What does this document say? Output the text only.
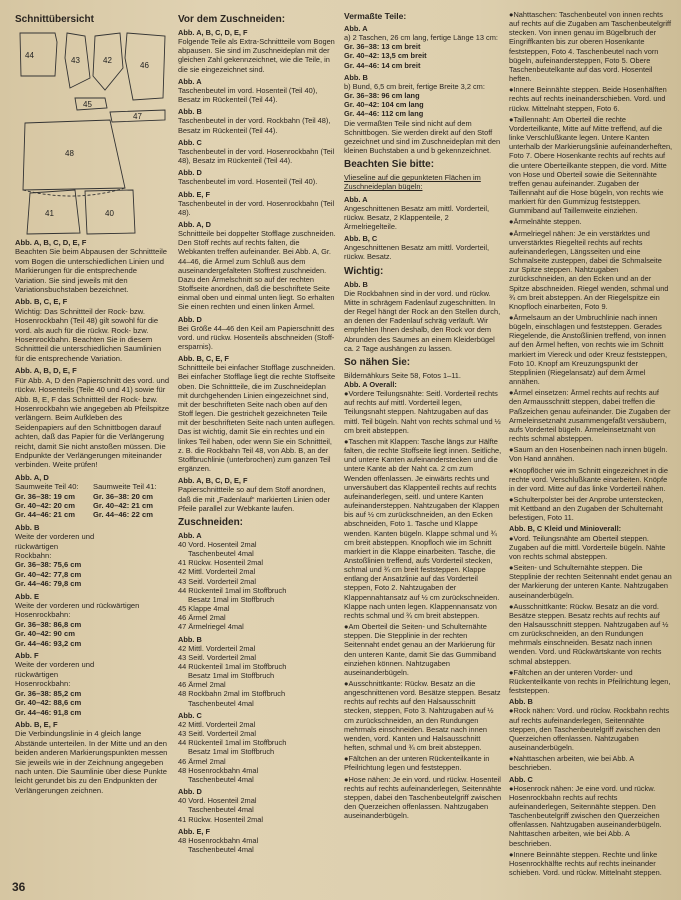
Schnittübersicht
44
43	42
45
46
47
48
41	40
Abb. A, B, C, D, E, F

Beachten Sie beim Abpausen der Schnittteile vom Bogen die unterschiedlichen Linien und Markierungen für die entsprechende Variation. Sie sind jeweils mit den Variationsbuchstaben bezeichnet.

Abb. B, C, E, F

Wichtig: Das Schnittteil der Rock- bzw. Hosenrockbahn (Teil 48) gilt sowohl für die vord. als auch für die rückw. Rock- bzw. Hosenrockbahn. Beachten Sie in diesem Schnittteil die unterschiedlichen Saumlinien für die entsprechende Variation.

Abb. A, B, D, E, F

Für Abb. A, D den Papierschnitt des vord. und rückw. Hosenteils (Teile 40 und 41) sowie für Abb. B, E, F das Schnittteil der Rock- bzw. Hosenrockbahn wie angegeben ab Pfeilspitze verlängern. Beim Aufkleben des Seidenpapiers auf den Schnittbogen darauf achten, daß das Papier für die Verlängerung reicht, damit Sie nicht anstoßen müssen. Die Endpunkte der Verlängerungen miteinander verbinden. Weite prüfen!

Abb. A, D
Saumweite Teil 40:	Saumweite Teil 41:
Gr. 36–38: 19 cm	Gr. 36–38: 20 cm
Gr. 40–42: 20 cm	Gr. 40–42: 21 cm
Gr. 44–46: 21 cm	Gr. 44–46: 22 cm
Abb. B
Weite der vorderen und rückwärtigen Rockbahn:
Gr. 36–38: 75,6 cm
Gr. 40–42: 77,8 cm
Gr. 44–46: 79,8 cm
Abb. E
Weite der vorderen und rückwärtigen Hosenrockbahn:
Gr. 36–38: 86,8 cm
Gr. 40–42: 90 cm
Gr. 44–46: 93,2 cm
Abb. F
Weite der vorderen und rückwärtigen Hosenrockbahn:
Gr. 36–38: 85,2 cm
Gr. 40–42: 88,6 cm
Gr. 44–46: 91,8 cm
Abb. B, E, F

Die Verbindungslinie in 4 gleich lange Abstände unterteilen. In der Mitte und an den beiden anderen Markierungspunkten messen Sie jeweils wie in der Zeichnung angegeben nach unten. Die Saumlinie über diese Punkte leicht gerundet bis zu den Endpunkten der Verlängerungen zeichnen.

Vor dem Zuschneiden:
Abb. A, B, C, D, E, F

Folgende Teile als Extra-Schnittteile vom Bogen abpausen. Sie sind im Zuschneideplan mit der gleichen Zahl gekennzeichnet, wie die Teile, in die sie eingezeichnet sind.

Abb. A

Taschenbeutel im vord. Hosenteil (Teil 40), Besatz im Rückenteil (Teil 44).

Abb. B

Taschenbeutel in der vord. Rockbahn (Teil 48), Besatz im Rückenteil (Teil 44).

Abb. C

Taschenbeutel in der vord. Hosenrockbahn (Teil 48), Besatz im Rückenteil (Teil 44).

Abb. D

Taschenbeutel im vord. Hosenteil (Teil 40).

Abb. E, F

Taschenbeutel in der vord. Hosenrockbahn (Teil 48).

Abb. A, D

Schnittteile bei doppelter Stofflage zuschneiden. Den Stoff rechts auf rechts falten, die Webkanten treffen aufeinander. Bei Abb. A, Gr. 44–46, die Ärmel zum Schluß aus dem auseinandergefalteten Stoffrest zuschneiden. Dazu den Ärmelschnitt so auf der rechten Stoffseite anordnen, daß die beschriftete Seite einmal oben und einmal unten liegt. So erhalten Sie einen rechten und einen linken Ärmel.

Abb. D

Bei Größe 44–46 den Keil am Papierschnitt des vord. und rückw. Hosenteils abschneiden (Stoff-ersparnis).

Abb. B, C, E, F

Schnittteile bei einfacher Stofflage zuschneiden. Bei einfacher Stofflage liegt die rechte Stoffseite oben. Die Schnittteile, die im Zuschneideplan mit durchgehenden Linien eingezeichnet sind, mit der beschrifteten Seite nach oben auf den Stoff legen. Die gestrichelt gezeichneten Teile mit der beschrifteten Seite nach unten auflegen. Das ist wichtig, damit Sie ein rechtes und ein linkes Teil haben, oder wenn Sie ein Schnittteil, z. B. die Rockbahn Teil 48, von Abb. B, an der Stoffbruchlinie (unterbrochen) zum ganzen Teil ergänzen.

Abb. A, B, C, D, E, F

Papierschnittteile so auf dem Stoff anordnen, daß die mit „Fadenlauf“ markierten Linien oder Pfeile parallel zur Webkante laufen.

Zuschneiden:
Abb. A
40 Vord. Hosenteil 2mal
Taschenbeutel 4mal
41 Rückw. Hosenteil 2mal
42 Mittl. Vorderteil 2mal
43 Seitl. Vorderteil 2mal
44 Rückenteil 1mal im Stoffbruch
Besatz 1mal im Stoffbruch
45 Klappe 4mal
46 Ärmel 2mal
47 Ärmelriegel 4mal
Abb. B
42 Mittl. Vorderteil 2mal
43 Seitl. Vorderteil 2mal
44 Rückenteil 1mal im Stoffbruch
Besatz 1mal im Stoffbruch
46 Ärmel 2mal
48 Rockbahn 2mal im Stoffbruch
Taschenbeutel 4mal
Abb. C
42 Mittl. Vorderteil 2mal
43 Seitl. Vorderteil 2mal
44 Rückenteil 1mal im Stoffbruch
Besatz 1mal im Stoffbruch
46 Ärmel 2mal
48 Hosenrockbahn 4mal
Taschenbeutel 4mal
Abb. D
40 Vord. Hosenteil 2mal
Taschenbeutel 4mal
41 Rückw. Hosenteil 2mal
Abb. E, F
48 Hosenrockbahn 4mal
Taschenbeutel 4mal
Vermaßte Teile:
Abb. A
a) 2 Taschen, 26 cm lang, fertige Länge 13 cm:
Gr. 36–38: 13 cm breit
Gr. 40–42: 13,5 cm breit
Gr. 44–46: 14 cm breit
Abb. B
b) Bund, 6,5 cm breit, fertige Breite 3,2 cm:
Gr. 36–38: 96 cm lang
Gr. 40–42: 104 cm lang
Gr. 44–46: 112 cm lang

Die vermaßten Teile sind nicht auf dem Schnittbogen. Sie werden direkt auf den Stoff gezeichnet und sind im Zuschneideplan mit den kleinen Buchstaben a und b gekennzeichnet.

Beachten Sie bitte:

Vlieseline auf die gepunkteten Flächen im Zuschneideplan bügeln:

Abb. A

Angeschnittenen Besatz am mittl. Vorderteil, rückw. Besatz, 2 Klappenteile, 2 Ärmelriegelteile.

Abb. B, C

Angeschnittenen Besatz am mittl. Vorderteil, rückw. Besatz.

Wichtig:
Abb. B

Die Rockbahnen sind in der vord. und rückw. Mitte in schrägem Fadenlauf zugeschnitten. In der Regel hängt der Rock an den Stellen durch, an denen der Fadenlauf schräg verläuft. Wir empfehlen Ihnen deshalb, den Rock vor dem Abrunden des Saumes an einem Kleiderbügel ca. 2 Tage aushängen zu lassen.

So nähen Sie:
Bildernähkurs Seite 58, Fotos 1–11.
Abb. A Overall:

● Vordere Teilungsnähte: Seitl. Vorderteil rechts auf rechts auf mittl. Vorderteil legen, Teilungsnaht steppen. Nahtzugaben auf das mittl. Teil bügeln. Naht von rechts schmal und ½ cm breit absteppen.

● Taschen mit Klappen: Tasche längs zur Hälfte falten, die rechte Stoffseite liegt innen. Seitliche, und untere Kanten aufeinanderstecken und die untere Kante ab der Naht ca. 2 cm zum Wenden offenlassen. Je einwärts rechts und unversäubert das Klappenteil rechts auf rechts aufeinanderlegen, seitl. und untere Kanten aufeinandersteppen. Nahtzugaben der Klappen bis auf ½ cm zurückschneiden, an den Ecken abschneiden, Foto 1. Tasche und Klappe wenden. Kanten bügeln. Klappe schmal und ¾ cm breit absteppen. Knopfloch wie im Schnitt markiert in die Klappe einarbeiten. Tasche, die Anstoßlinien treffend, aufs Vorderteil stecken, schmal und ¾ cm breit feststeppen. Klappe entlang der Ansatzlinie auf das Vorderteil steppen, Foto 2. Nahtzugaben der Klappennahtansatz auf ½ cm zurückschneiden. Klappe nach unten legen. Klappennansatz von rechts schmal und ¾ cm breit absteppen.

● Am Oberteil die Seiten- und Schulternähte steppen. Die Stepplinie in der rechten Seitennaht endet genau an der Markierung für den unteren Kante, damit Sie das Gummiband einziehen können. Nahtzugaben auseinanderbügeln.

● Ausschnittkante: Rückw. Besatz an die angeschnittenen vord. Besätze steppen. Besatz rechts auf rechts auf den Halsausschnitt stecken, steppen, Foto 3. Nahtzugaben auf ½ cm zurückschneiden, an den Rundungen mehrmals einschneiden. Besatz nach innen wenden, vord. Kanten und Halsausschnitt heften, schmal und ¾ cm breit absteppen.

● Fältchen an der unteren Rückenteilkante in Pfeilrichtung legen und feststeppen.

● Hose nähen: Je ein vord. und rückw. Hosenteil rechts auf rechts aufeinanderlegen, Seitennähte steppen, dabei den Taschenbeutelgriff zwischen den Querzeichen offenlassen. Nahtzugaben auseinanderbügeln.

● Nahttaschen: Taschenbeutel von innen rechts auf rechts auf die Zugaben am Taschenbeutelgriff stecken. Von innen genau im Bügelbruch der Eingriffkanten bis zur oberen Hosenkante feststeppen, Foto 4. Taschenbeutel nach vorn bügeln, aufeinandersteppen, Foto 5. Obere Taschenbeutelkante auf das vord. Hosenteil heften.

● Innere Beinnähte steppen. Beide Hosenhälften rechts auf rechts ineinanderschieben. Vord. und rückw. Mittelnaht steppen, Foto 6.

● Taillennaht: Am Oberteil die rechte Vorderteilkante, Mitte auf Mitte treffend, auf die linke Verschlußkante legen. Untere Kanten unterhalb der Markierungslinie aufeinanderheften, Foto 7. Obere Hosenkante rechts auf rechts auf die untere Oberteilkante steppen, die vord. Mitte von Hose und Oberteil sowie die Seitennähte treffen genau aufeinander. Zugaben der Taillennaht auf die Hose bügeln, von rechts wie markiert für den Gummizug feststeppen. Gummiband auf Taillenweite einziehen.

● Ärmelnähte steppen.

● Ärmelriegel nähen: Je ein verstärktes und unverstärktes Riegelteil rechts auf rechts aufeinanderlegen, Längsseiten und eine Schmalseite zusteppen, dabei die Schmalseite zur Spitze steppen. Nahtzugaben zurückschneiden, an den Ecken und an der Spitze abschneiden. Riegel wenden, schmal und ¾ cm breit absteppen. An der Riegelspitze ein Knopfloch einarbeiten, Foto 9.

● Ärmelsaum an der Umbruchlinie nach innen bügeln, einschlagen und feststeppen. Gerades Riegelende, die Anstoßlinien treffend, von innen auf den Ärmel heften, von rechts wie im Schnitt markiert im Viereck und oder Kreuz feststeppen, Foto 10. Knopf am Kreuzungspunkt der Stepplinien (Riegelansatz) auf dem Ärmel annähen.

● Ärmel einsetzen: Ärmel rechts auf rechts auf den Armausschnitt steppen, dabei treffen die Paßzeichen genau aufeinander. Die Zugaben der Armeleinsetznaht zusammengefaßt versäubern, aufs Vorderteil bügeln. Ärmeleinsetznaht von rechts schmal absteppen.

● Saum an den Hosenbeinen nach innen bügeln. Von Hand annähen.

● Knopflöcher wie im Schnitt eingezeichnet in die rechte vord. Verschlußkante einarbeiten. Knöpfe in der vord. Mitte auf das linke Vorderteil nähen.

● Schulterpolster bei der Anprobe unterstecken, mit Kettband an den Zugaben der Schulternaht befestigen, Foto 11.

Abb. B, C Kleid und Minioverall:

● Vord. Teilungsnähte am Oberteil steppen. Zugaben auf die mittl. Vorderteile bügeln. Nähte von rechts schmal absteppen.

● Seiten- und Schulternähte steppen. Die Stepplinie der rechten Seitennaht endet genau an der Markierung der unteren Kante. Nahtzugaben auseinanderbügeln.

● Ausschnittkante: Rückw. Besatz an die vord. Besätze steppen. Besatz rechts auf rechts auf den Halsausschnitt steppen. Nahtzugaben auf ½ cm zurückschneiden, an den Rundungen mehrmals einschneiden. Besatz nach innen wenden. Vord. und Rückwärtskante von rechts schmal absteppen.

● Fältchen an der unteren Vorder- und Rückenteilkante von rechts in Pfeilrichtung legen, feststeppen.

Abb. B

● Rock nähen: Vord. und rückw. Rockbahn rechts auf rechts aufeinanderlegen, Seitennähte steppen, den Taschenbeutelgriff zwischen den Querzeichen offenlassen. Nahtzugaben auseinanderbügeln.

● Nahttaschen arbeiten, wie bei Abb. A beschrieben.

Abb. C

● Hosenrock nähen: Je eine vord. und rückw. Hosenrockbahn rechts auf rechts aufeinanderlegen, Seitennähte steppen. Den Taschenbeutelgriff zwischen den Querzeichen offenlassen. Nahtzugaben auseinanderbügeln. Nahttaschen arbeiten, wie bei Abb. A beschrieben.

● Innere Beinnähte steppen. Rechte und linke Hosenrockhälfte rechts auf rechts ineinander schieben. Vord. und rückw. Mittelnaht steppen.

36
